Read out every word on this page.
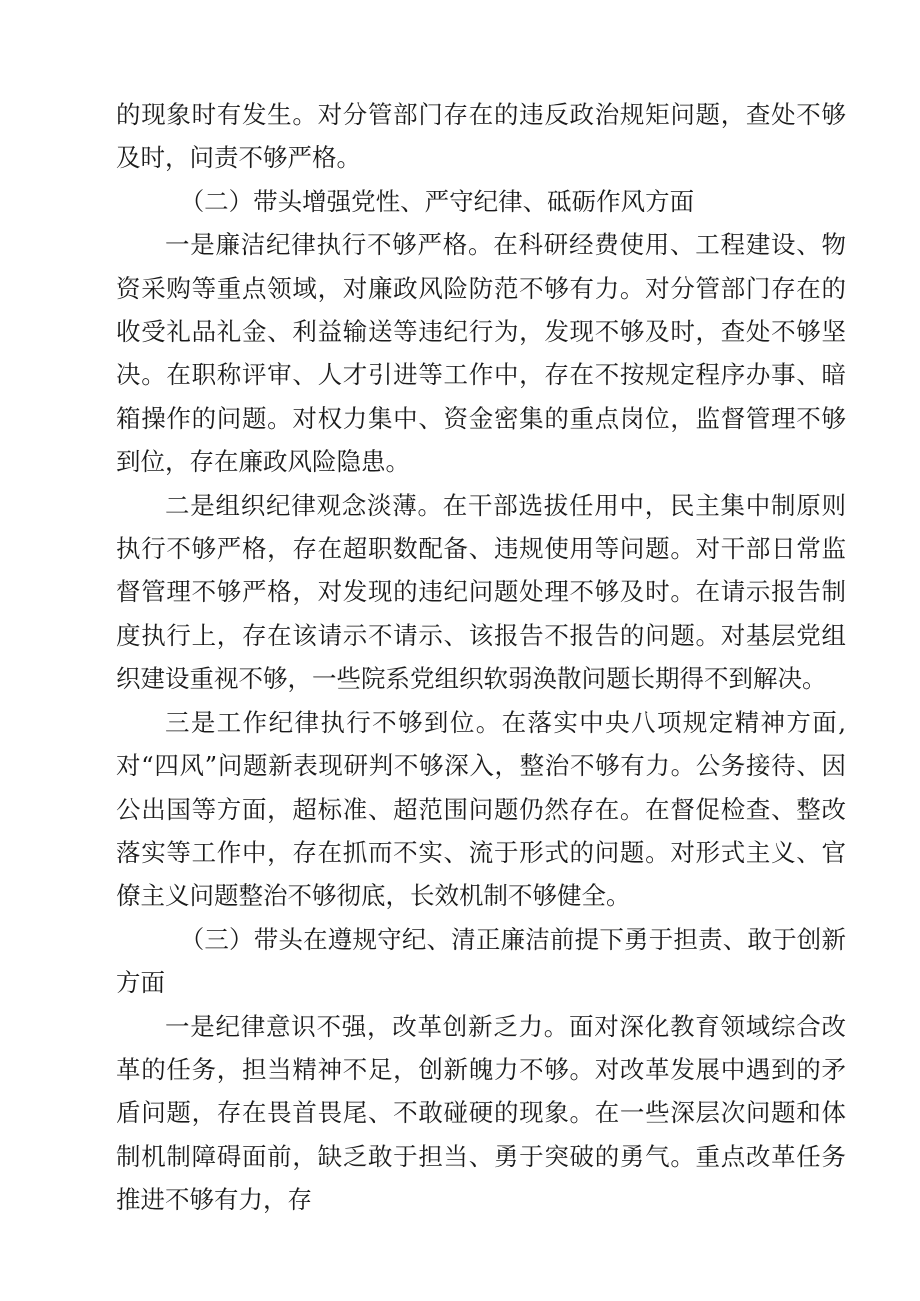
的现象时有发生。对分管部门存在的违反政治规矩问题，查处不够及时，问责不够严格。

（二）带头增强党性、严守纪律、砥砺作风方面

一是廉洁纪律执行不够严格。在科研经费使用、工程建设、物资采购等重点领域，对廉政风险防范不够有力。对分管部门存在的收受礼品礼金、利益输送等违纪行为，发现不够及时，查处不够坚决。在职称评审、人才引进等工作中，存在不按规定程序办事、暗箱操作的问题。对权力集中、资金密集的重点岗位，监督管理不够到位，存在廉政风险隐患。

二是组织纪律观念淡薄。在干部选拔任用中，民主集中制原则执行不够严格，存在超职数配备、违规使用等问题。对干部日常监督管理不够严格，对发现的违纪问题处理不够及时。在请示报告制度执行上，存在该请示不请示、该报告不报告的问题。对基层党组织建设重视不够，一些院系党组织软弱涣散问题长期得不到解决。

三是工作纪律执行不够到位。在落实中央八项规定精神方面,对“四风”问题新表现研判不够深入，整治不够有力。公务接待、因公出国等方面，超标准、超范围问题仍然存在。在督促检查、整改落实等工作中，存在抓而不实、流于形式的问题。对形式主义、官僚主义问题整治不够彻底，长效机制不够健全。

（三）带头在遵规守纪、清正廉洁前提下勇于担责、敢于创新方面

一是纪律意识不强，改革创新乏力。面对深化教育领域综合改革的任务，担当精神不足，创新魄力不够。对改革发展中遇到的矛盾问题，存在畏首畏尾、不敢碰硬的现象。在一些深层次问题和体制机制障碍面前，缺乏敢于担当、勇于突破的勇气。重点改革任务推进不够有力，存
